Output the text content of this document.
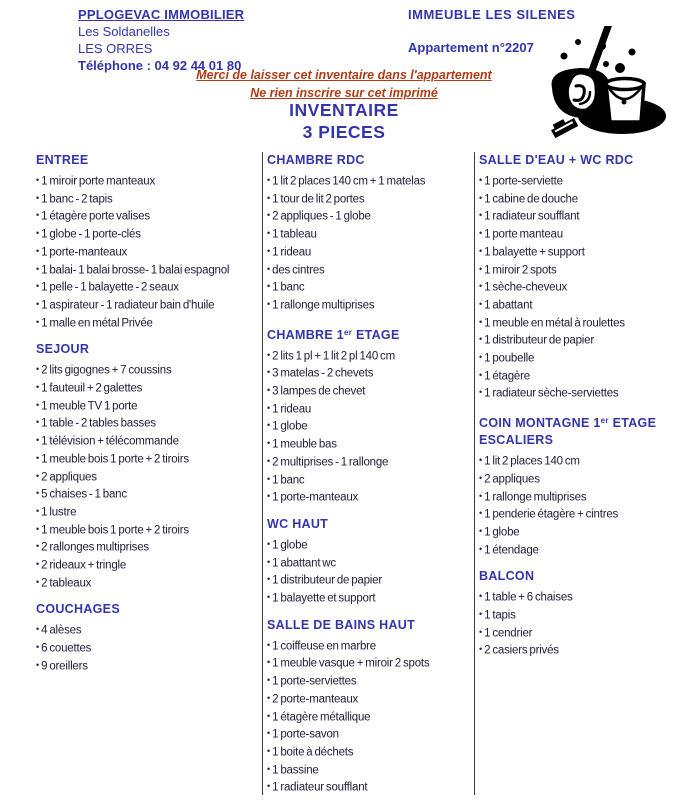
PPLOGEVAC IMMOBILIER
Les Soldanelles
LES ORRES
Téléphone : 04 92 44 01 80
IMMEUBLE LES SILENES
Appartement n°2207
Merci de laisser cet inventaire dans l'appartement
Ne rien inscrire sur cet imprimé
INVENTAIRE
3 PIECES
ENTREE
• 1 miroir porte manteaux
• 1 banc - 2 tapis
• 1 étagère porte valises
• 1 globe - 1 porte-clés
• 1 porte-manteaux
• 1 balai- 1 balai brosse- 1 balai espagnol
• 1 pelle - 1 balayette - 2 seaux
• 1 aspirateur - 1 radiateur bain d'huile
• 1 malle en métal Privée
SEJOUR
• 2 lits gigognes + 7 coussins
• 1 fauteuil + 2 galettes
• 1 meuble TV 1 porte
• 1 table - 2 tables basses
• 1 télévision + télécommande
• 1 meuble bois 1 porte + 2 tiroirs
• 2 appliques
• 5 chaises - 1 banc
• 1 lustre
• 1 meuble bois 1 porte + 2 tiroirs
• 2 rallonges multiprises
• 2 rideaux + tringle
• 2 tableaux
COUCHAGES
• 4 alèses
• 6 couettes
• 9 oreillers
CHAMBRE RDC
• 1 lit 2 places 140 cm + 1 matelas
• 1 tour de lit 2 portes
• 2 appliques - 1 globe
• 1 tableau
• 1 rideau
• des cintres
• 1 banc
• 1 rallonge multiprises
CHAMBRE 1er ETAGE
• 2 lits 1 pl + 1 lit 2 pl 140 cm
• 3 matelas - 2 chevets
• 3 lampes de chevet
• 1 rideau
• 1 globe
• 1 meuble bas
• 2 multiprises - 1 rallonge
• 1 banc
• 1 porte-manteaux
WC HAUT
• 1 globe
• 1 abattant wc
• 1 distributeur de papier
• 1 balayette et support
SALLE DE BAINS HAUT
• 1 coiffeuse en marbre
• 1 meuble vasque + miroir 2 spots
• 1 porte-serviettes
• 2 porte-manteaux
• 1 étagère métallique
• 1 porte-savon
• 1 boite à déchets
• 1 bassine
• 1 radiateur soufflant
SALLE D'EAU + WC RDC
• 1 porte-serviette
• 1 cabine de douche
• 1 radiateur soufflant
• 1 porte manteau
• 1 balayette + support
• 1 miroir 2 spots
• 1 sèche-cheveux
• 1 abattant
• 1 meuble en métal à roulettes
• 1 distributeur de papier
• 1 poubelle
• 1 étagère
• 1 radiateur sèche-serviettes
COIN MONTAGNE 1er ETAGE
ESCALIERS
• 1 lit 2 places 140 cm
• 2 appliques
• 1 rallonge multiprises
• 1 penderie étagère + cintres
• 1 globe
• 1 étendage
BALCON
• 1 table + 6 chaises
• 1 tapis
• 1 cendrier
• 2 casiers privés
